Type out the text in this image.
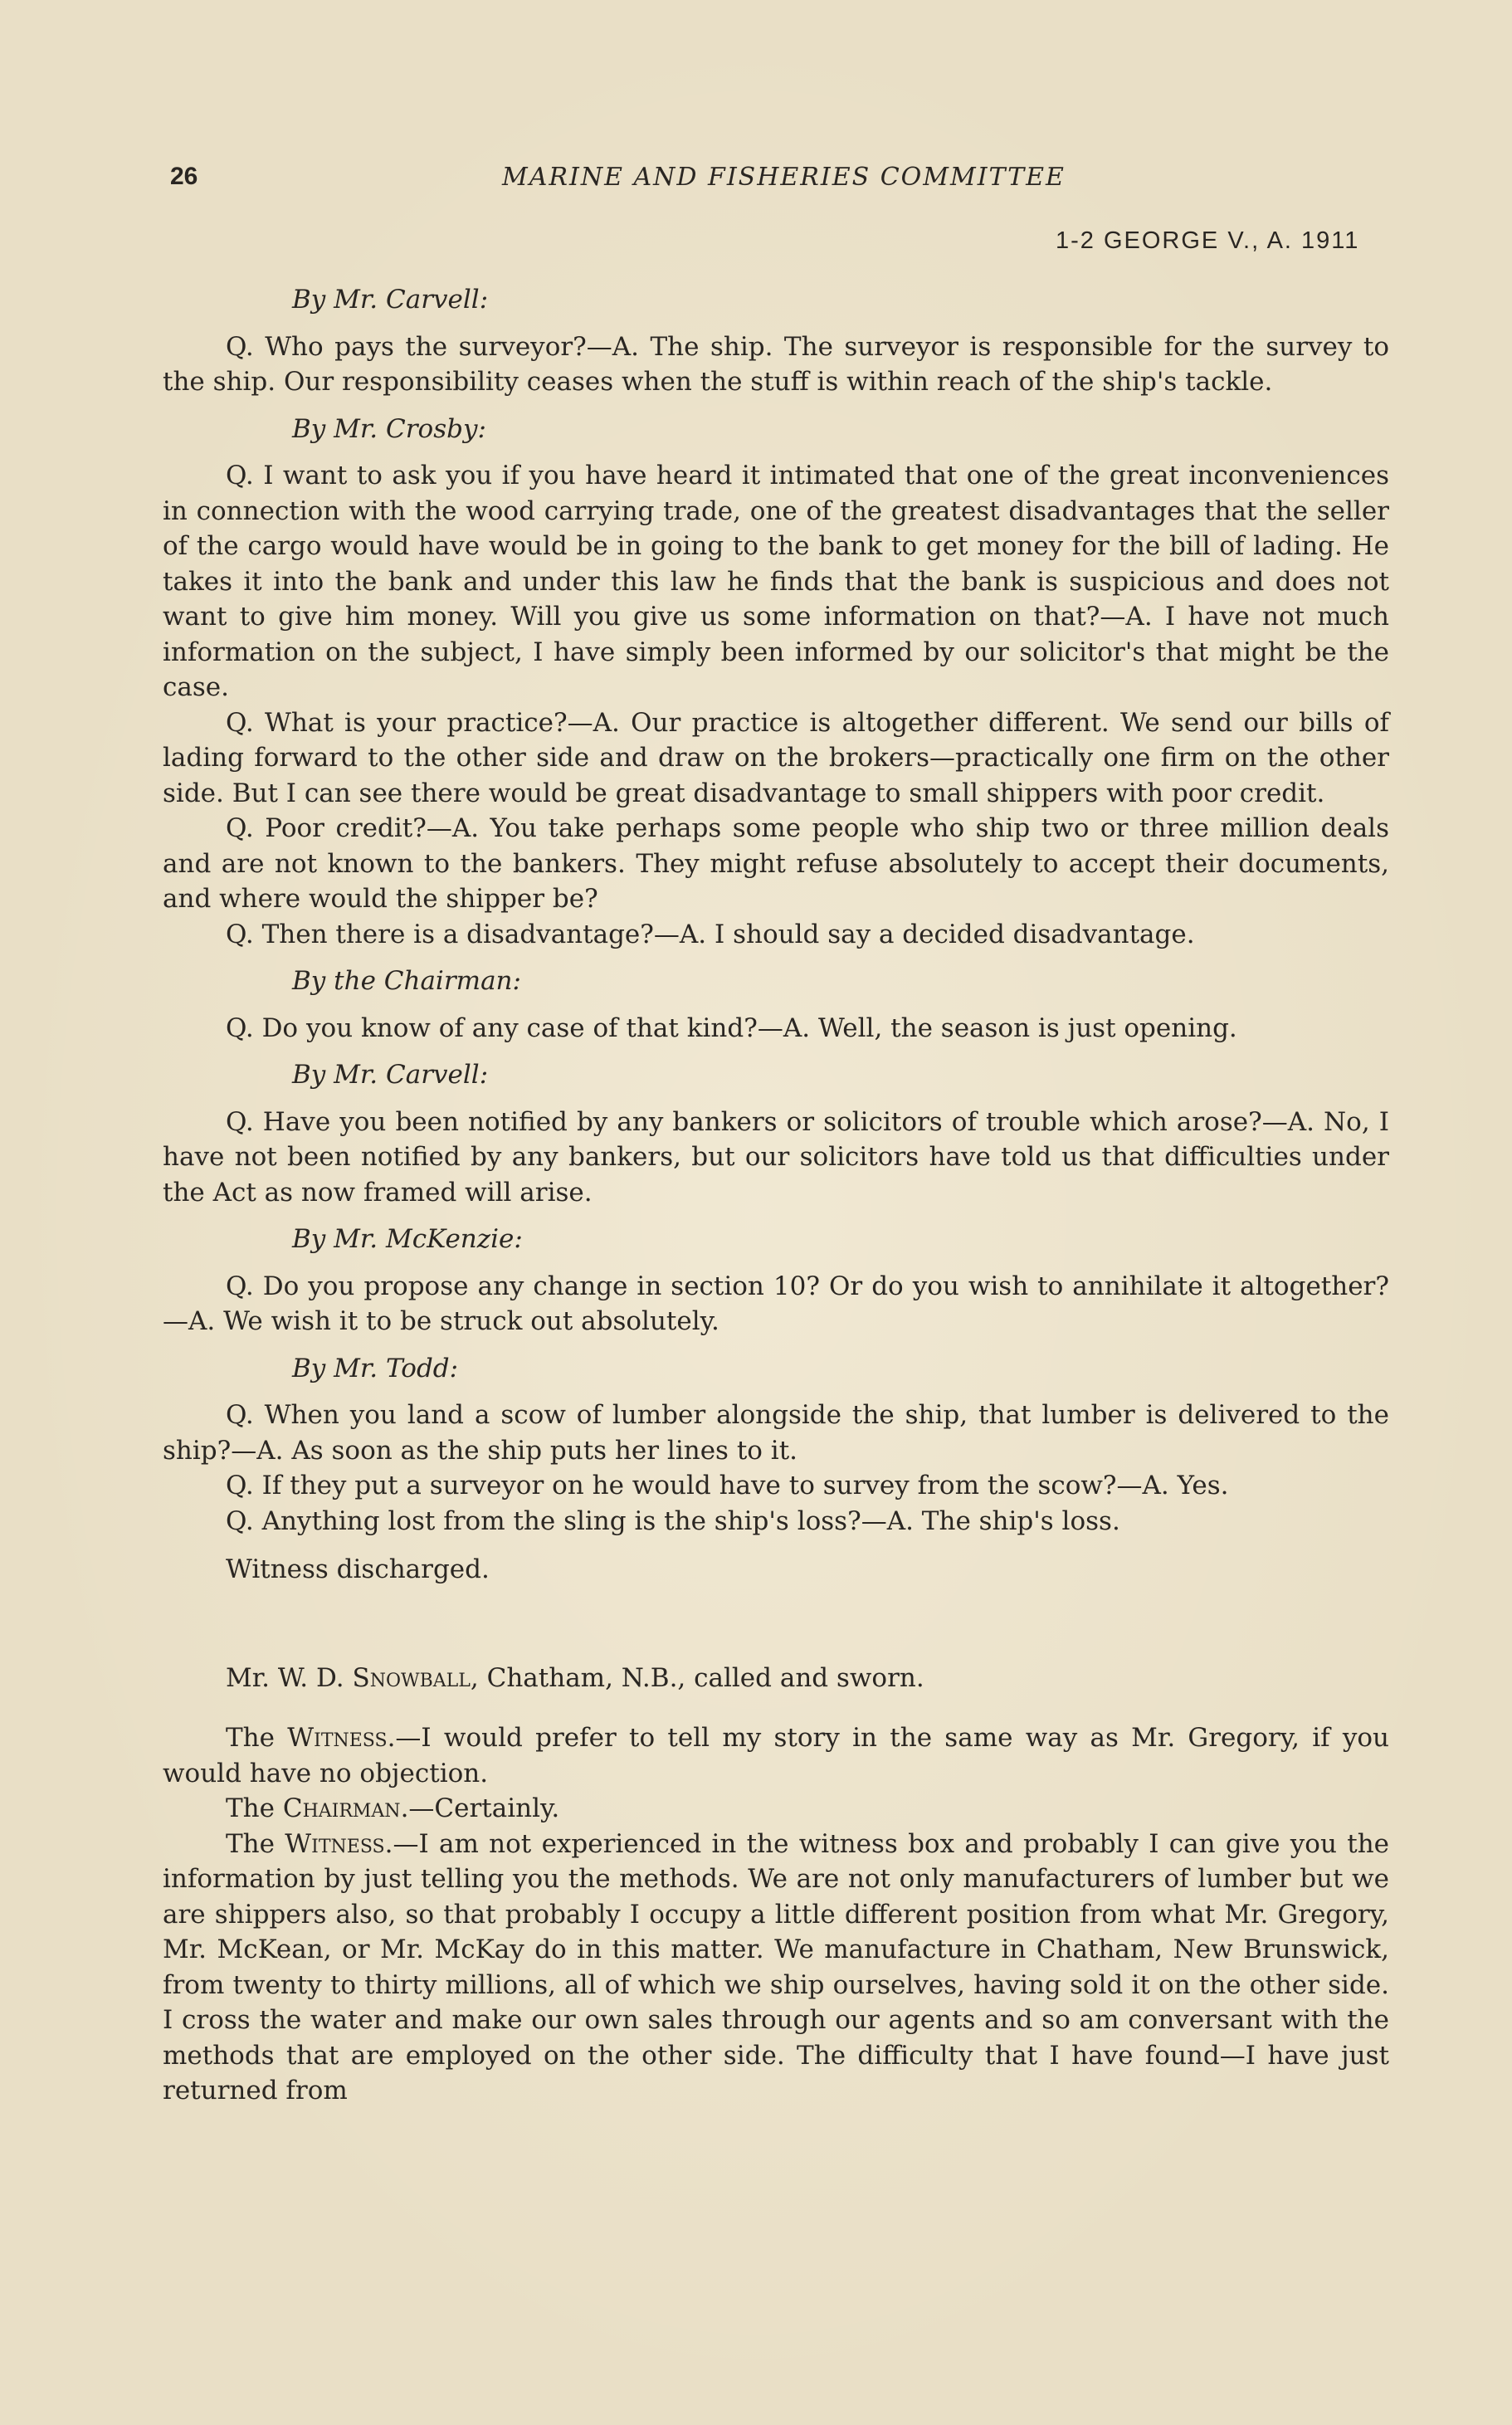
26	MARINE AND FISHERIES COMMITTEE
1-2 GEORGE V., A. 1911

By Mr. Carvell:

Q. Who pays the surveyor?—A. The ship. The surveyor is responsible for the survey to the ship. Our responsibility ceases when the stuff is within reach of the ship's tackle.

By Mr. Crosby:

Q. I want to ask you if you have heard it intimated that one of the great inconveniences in connection with the wood carrying trade, one of the greatest disadvantages that the seller of the cargo would have would be in going to the bank to get money for the bill of lading. He takes it into the bank and under this law he finds that the bank is suspicious and does not want to give him money. Will you give us some information on that?—A. I have not much information on the subject, I have simply been informed by our solicitor's that might be the case.

Q. What is your practice?—A. Our practice is altogether different. We send our bills of lading forward to the other side and draw on the brokers—practically one firm on the other side. But I can see there would be great disadvantage to small shippers with poor credit.

Q. Poor credit?—A. You take perhaps some people who ship two or three million deals and are not known to the bankers. They might refuse absolutely to accept their documents, and where would the shipper be?

Q. Then there is a disadvantage?—A. I should say a decided disadvantage.

By the Chairman:

Q. Do you know of any case of that kind?—A. Well, the season is just opening.

By Mr. Carvell:

Q. Have you been notified by any bankers or solicitors of trouble which arose?—A. No, I have not been notified by any bankers, but our solicitors have told us that difficulties under the Act as now framed will arise.

By Mr. McKenzie:

Q. Do you propose any change in section 10? Or do you wish to annihilate it altogether?—A. We wish it to be struck out absolutely.

By Mr. Todd:

Q. When you land a scow of lumber alongside the ship, that lumber is delivered to the ship?—A. As soon as the ship puts her lines to it.

Q. If they put a surveyor on he would have to survey from the scow?—A. Yes.

Q. Anything lost from the sling is the ship's loss?—A. The ship's loss.

Witness discharged.

Mr. W. D. Snowball, Chatham, N.B., called and sworn.

The Witness.—I would prefer to tell my story in the same way as Mr. Gregory, if you would have no objection.

The Chairman.—Certainly.

The Witness.—I am not experienced in the witness box and probably I can give you the information by just telling you the methods. We are not only manufacturers of lumber but we are shippers also, so that probably I occupy a little different position from what Mr. Gregory, Mr. McKean, or Mr. McKay do in this matter. We manufacture in Chatham, New Brunswick, from twenty to thirty millions, all of which we ship ourselves, having sold it on the other side. I cross the water and make our own sales through our agents and so am conversant with the methods that are employed on the other side. The difficulty that I have found—I have just returned from
